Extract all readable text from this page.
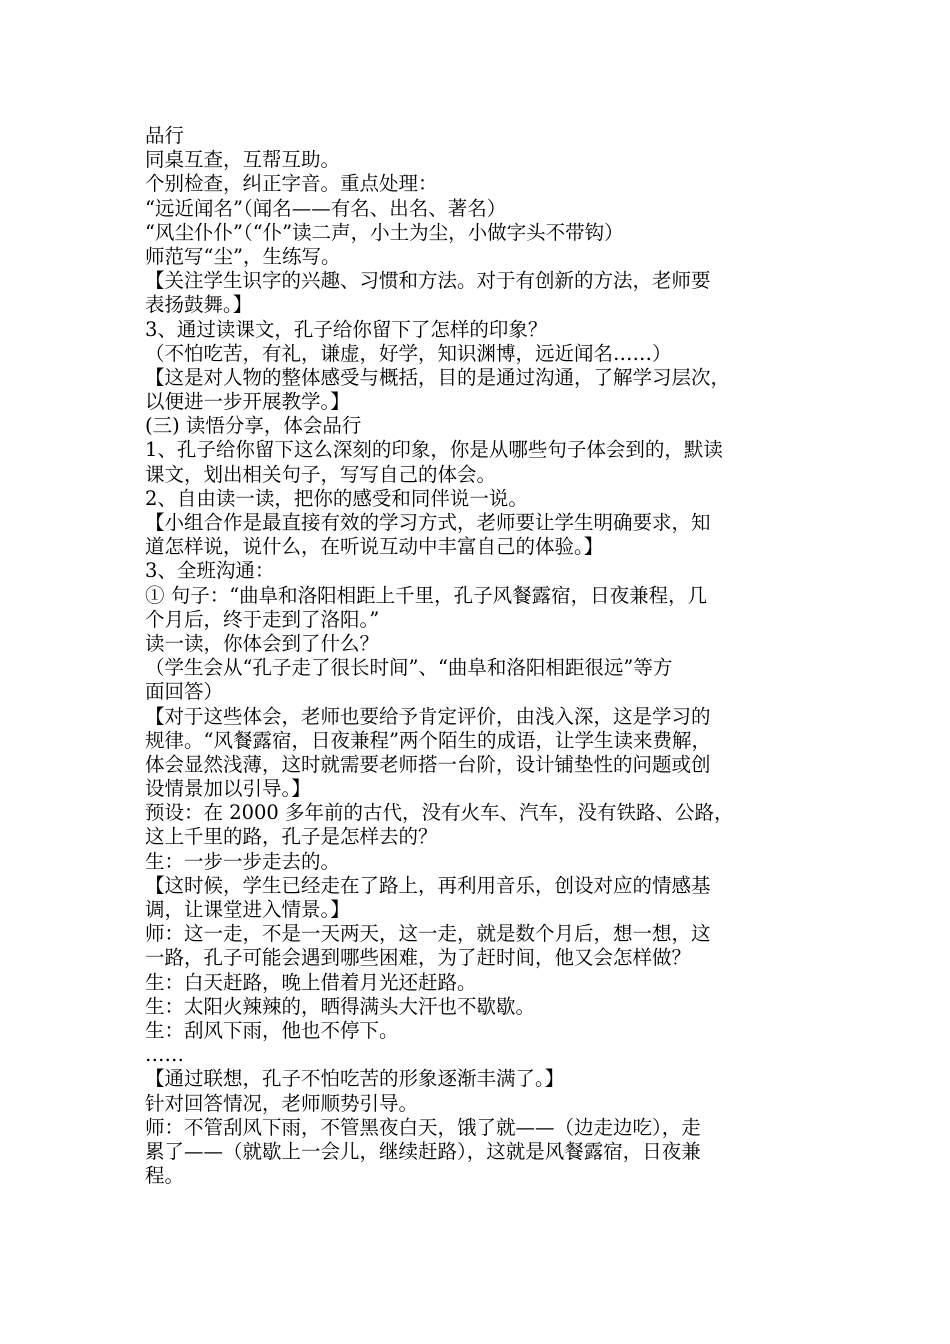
品行
同桌互查，互帮互助。
个别检查，纠正字音。重点处理：
“远近闻名”（闻名——有名、出名、著名）
“风尘仆仆”（“仆”读二声，小土为尘，小做字头不带钩）
师范写“尘”，生练写。
【关注学生识字的兴趣、习惯和方法。对于有创新的方法，老师要
表扬鼓舞。】
3、通过读课文，孔子给你留下了怎样的印象？
（不怕吃苦，有礼，谦虚，好学，知识渊博，远近闻名……）
【这是对人物的整体感受与概括，目的是通过沟通，了解学习层次，
以便进一步开展教学。】
(三) 读悟分享，体会品行
1、孔子给你留下这么深刻的印象，你是从哪些句子体会到的，默读
课文，划出相关句子，写写自己的体会。
2、自由读一读，把你的感受和同伴说一说。
【小组合作是最直接有效的学习方式，老师要让学生明确要求，知
道怎样说，说什么，在听说互动中丰富自己的体验。】
3、全班沟通：
① 句子：“曲阜和洛阳相距上千里，孔子风餐露宿，日夜兼程，几
个月后，终于走到了洛阳。”
读一读，你体会到了什么？
（学生会从“孔子走了很长时间”、“曲阜和洛阳相距很远”等方
面回答）
【对于这些体会，老师也要给予肯定评价，由浅入深，这是学习的
规律。“风餐露宿，日夜兼程”两个陌生的成语，让学生读来费解，
体会显然浅薄，这时就需要老师搭一台阶，设计铺垫性的问题或创
设情景加以引导。】
预设：在 2000 多年前的古代，没有火车、汽车，没有铁路、公路，
这上千里的路，孔子是怎样去的？
生：一步一步走去的。
【这时候，学生已经走在了路上，再利用音乐，创设对应的情感基
调，让课堂进入情景。】
师：这一走，不是一天两天，这一走，就是数个月后，想一想，这
一路，孔子可能会遇到哪些困难，为了赶时间，他又会怎样做？
生：白天赶路，晚上借着月光还赶路。
生：太阳火辣辣的，晒得满头大汗也不歇歇。
生：刮风下雨，他也不停下。
……
【通过联想，孔子不怕吃苦的形象逐渐丰满了。】
针对回答情况，老师顺势引导。
师：不管刮风下雨，不管黑夜白天，饿了就——（边走边吃），走
累了——（就歇上一会儿，继续赶路），这就是风餐露宿，日夜兼
程。
